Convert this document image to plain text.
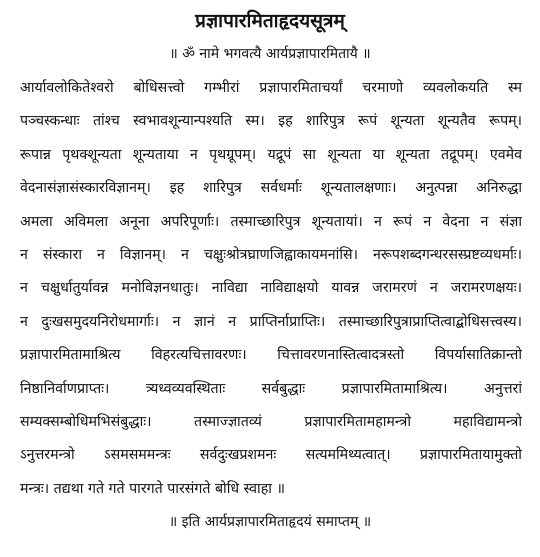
प्रज्ञापारमिताहृदयसूत्रम्
॥ ॐ नामे भगवत्यै आर्यप्रज्ञापारमितायै ॥
आर्यावलोकितेश्वरो बोधिसत्त्वो गम्भीरां प्रज्ञापारमिताचर्यां चरमाणो व्यवलोकयति स्म
पञ्चस्कन्धाः तांश्च स्वभावशून्यान्पश्यति स्म। इह शारिपुत्र रूपं शून्यता शून्यतैव रूपम्।
रूपान्न पृथक्शून्यता शून्यताया न पृथग्रूपम्। यद्रूपं सा शून्यता या शून्यता तद्रूपम्। एवमेव
वेदनासंज्ञासंस्कारविज्ञानम्। इह शारिपुत्र सर्वधर्माः शून्यतालक्षणाः। अनुत्पन्ना अनिरुद्धा
अमला अविमला अनूना अपरिपूर्णाः। तस्माच्छारिपुत्र शून्यतायां। न रूपं न वेदना न संज्ञा
न संस्कारा न विज्ञानम्। न चक्षुःश्रोत्रघ्राणजिह्वाकायमनांसि। नरूपशब्दगन्धरसस्प्रष्टव्यधर्माः।
न चक्षुर्धातुर्यावन्न मनोविज्ञनधातुः। नाविद्या नाविद्याक्षयो यावन्न जरामरणं न जरामरणक्षयः।
न दुःखसमुदयनिरोधमार्गाः। न ज्ञानं न प्राप्तिर्नाप्राप्तिः। तस्माच्छारिपुत्राप्राप्तित्वाद्बोधिसत्त्वस्य।
प्रज्ञापारमितामाश्रित्य विहरत्यचित्तावरणः। चित्तावरणनास्तित्वादत्रस्तो विपर्यासातिक्रान्तो
निष्ठानिर्वाणप्राप्तः। त्र्यध्वव्यवस्थिताः सर्वबुद्धाः प्रज्ञापारमितामाश्रित्य। अनुत्तरां
सम्यक्सम्बोधिमभिसंबुद्धाः। तस्माज्ज्ञातव्यं प्रज्ञापारमितामहामन्त्रो महाविद्यामन्त्रो
ऽनुत्तरमन्त्रो ऽसमसममन्त्रः सर्वदुःखप्रशमनः सत्यममिथ्यत्वात्। प्रज्ञापारमितायामुक्तो
मन्त्रः। तद्यथा गते गते पारगते पारसंगते बोधि स्वाहा ॥
॥ इति आर्यप्रज्ञापारमिताहृदयं समाप्तम् ॥
